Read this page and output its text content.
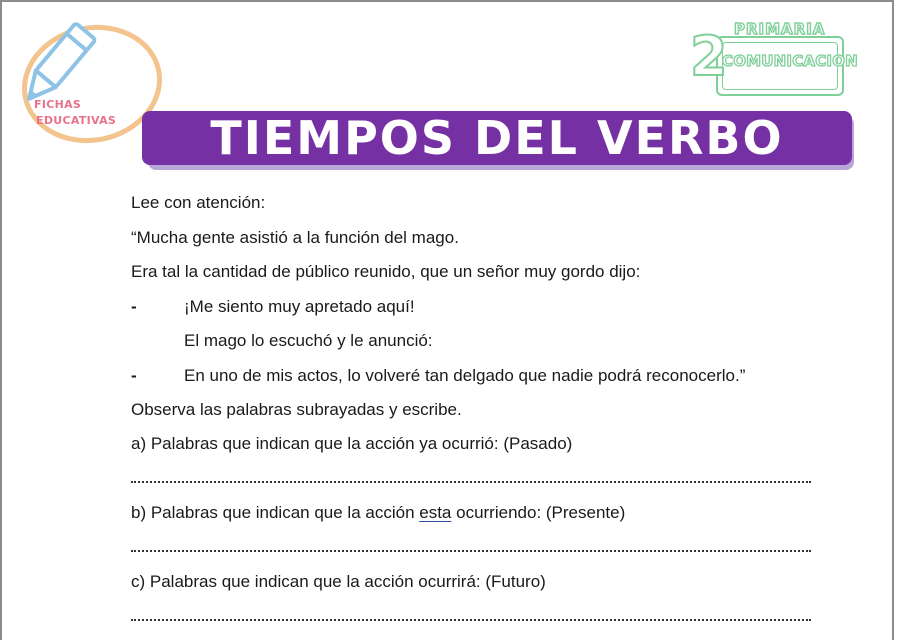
FICHAS
EDUCATIVAS
PRIMARIA
2
COMUNICACION
TIEMPOS DEL VERBO
Lee con atención:
“Mucha gente asistió a la función del mago.
Era tal la cantidad de público reunido, que un señor muy gordo dijo:
-	¡Me siento muy apretado aquí!
El mago lo escuchó y le anunció:
-	En uno de mis actos, lo volveré tan delgado que nadie podrá reconocerlo.”
Observa las palabras subrayadas y escribe.
a) Palabras que indican que la acción ya ocurrió: (Pasado)
b) Palabras que indican que la acción esta ocurriendo: (Presente)
c) Palabras que indican que la acción ocurrirá: (Futuro)
